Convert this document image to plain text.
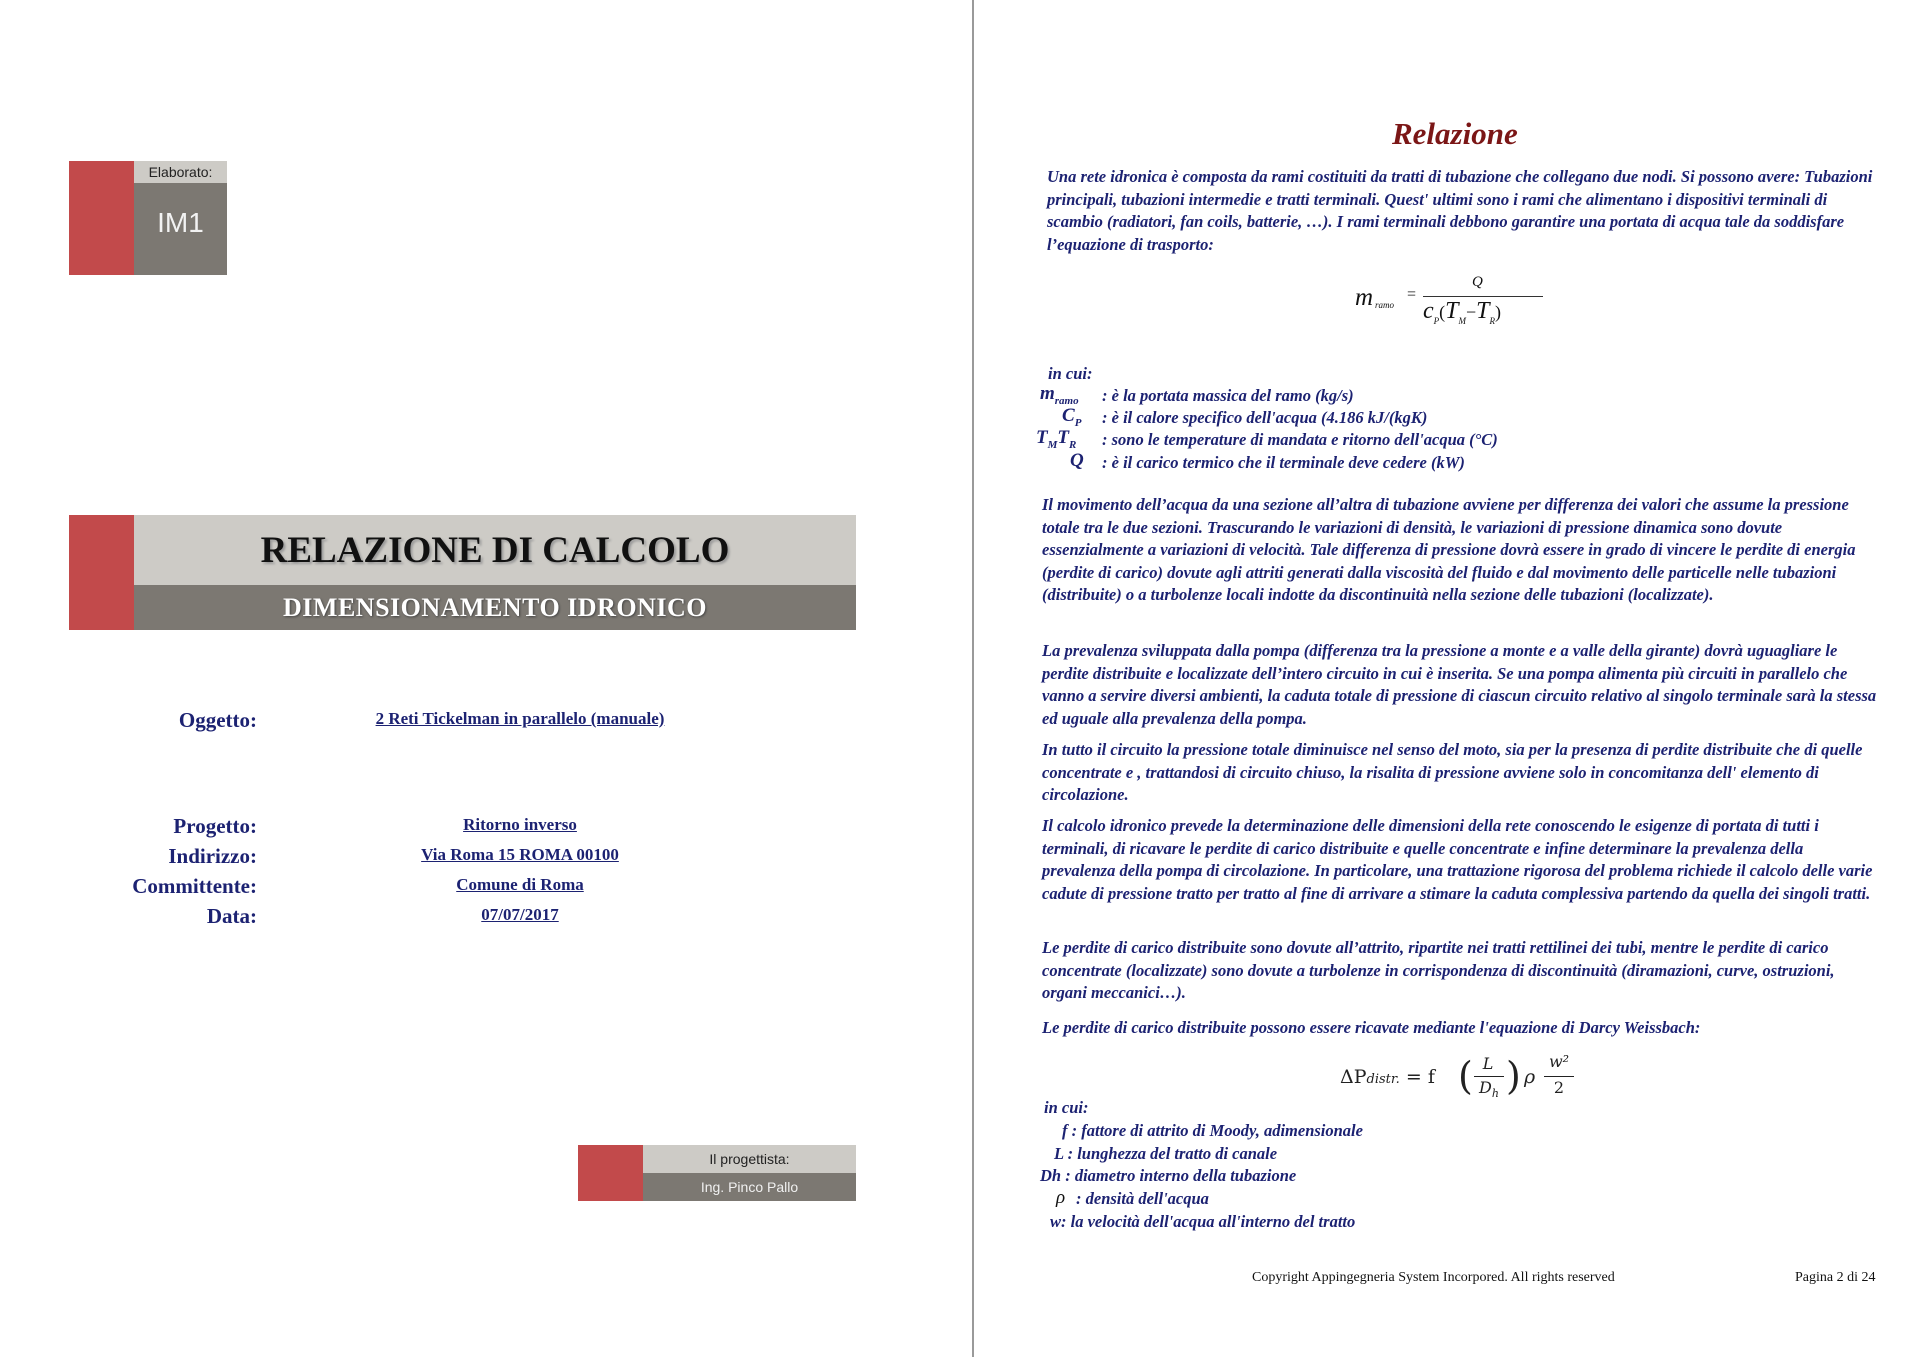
Elaborato:
IM1
RELAZIONE DI CALCOLO
DIMENSIONAMENTO IDRONICO
Oggetto:	2 Reti Tickelman in parallelo (manuale)
Progetto:	Ritorno inverso
Indirizzo:	Via Roma 15 ROMA 00100
Committente:	Comune di Roma
Data:	07/07/2017
Il progettista:
Ing. Pinco Pallo
Relazione

Una rete idronica è composta da rami costituiti da tratti di tubazione che collegano due nodi. Si possono avere: Tubazioni principali, tubazioni intermedie e tratti terminali. Quest' ultimi sono i rami che alimentano i dispositivi terminali di scambio (radiatori, fan coils, batterie, …). I rami terminali debbono garantire una portata di acqua tale da soddisfare l’equazione di trasporto:

m ramo
=
Q
$c_P(T_M-T_R)$
in cui:
$m_{ramo}$	: è la portata massica del ramo (kg/s)
$C_P$	: è il calore specifico dell'acqua (4.186 kJ/(kgK)
$T_MT_R$	: sono le temperature di mandata e ritorno dell'acqua (°C)
Q	: è il carico termico che il terminale deve cedere (kW)

Il movimento dell’acqua da una sezione all’altra di tubazione avviene per differenza dei valori che assume la pressione totale tra le due sezioni. Trascurando le variazioni di densità, le variazioni di pressione dinamica sono dovute essenzialmente a variazioni di velocità. Tale differenza di pressione dovrà essere in grado di vincere le perdite di energia (perdite di carico) dovute agli attriti generati dalla viscosità del fluido e dal movimento delle particelle nelle tubazioni (distribuite) o a turbolenze locali indotte da discontinuità nella sezione delle tubazioni (localizzate).

La prevalenza sviluppata dalla pompa (differenza tra la pressione a monte e a valle della girante) dovrà uguagliare le perdite distribuite e localizzate dell’intero circuito in cui è inserita. Se una pompa alimenta più circuiti in parallelo che vanno a servire diversi ambienti, la caduta totale di pressione di ciascun circuito relativo al singolo terminale sarà la stessa ed uguale alla prevalenza della pompa.

In tutto il circuito la pressione totale diminuisce nel senso del moto, sia per la presenza di perdite distribuite che di quelle concentrate e , trattandosi di circuito chiuso, la risalita di pressione avviene solo in concomitanza dell' elemento di circolazione.

Il calcolo idronico prevede la determinazione delle dimensioni della rete conoscendo le esigenze di portata di tutti i terminali, di ricavare le perdite di carico distribuite e quelle concentrate e infine determinare la prevalenza della prevalenza della pompa di circolazione. In particolare, una trattazione rigorosa del problema richiede il calcolo delle varie cadute di pressione tratto per tratto al fine di arrivare a stimare la caduta complessiva partendo da quella dei singoli tratti.

Le perdite di carico distribuite sono dovute all’attrito, ripartite nei tratti rettilinei dei tubi, mentre le perdite di carico concentrate (localizzate) sono dovute a turbolenze in corrispondenza di discontinuità (diramazioni, curve, ostruzioni, organi meccanici…).

Le perdite di carico distribuite possono essere ricavate mediante l'equazione di Darcy Weissbach:

ΔPdistr. = f ( L
$D_h$ ) ρ
w²
2
in cui:
f : fattore di attrito di Moody, adimensionale
L : lunghezza del tratto di canale
Dh : diametro interno della tubazione
ρ : densità dell'acqua
w: la velocità dell'acqua all'interno del tratto
Copyright Appingegneria System Incorpored. All rights reserved	Pagina 2 di 24
